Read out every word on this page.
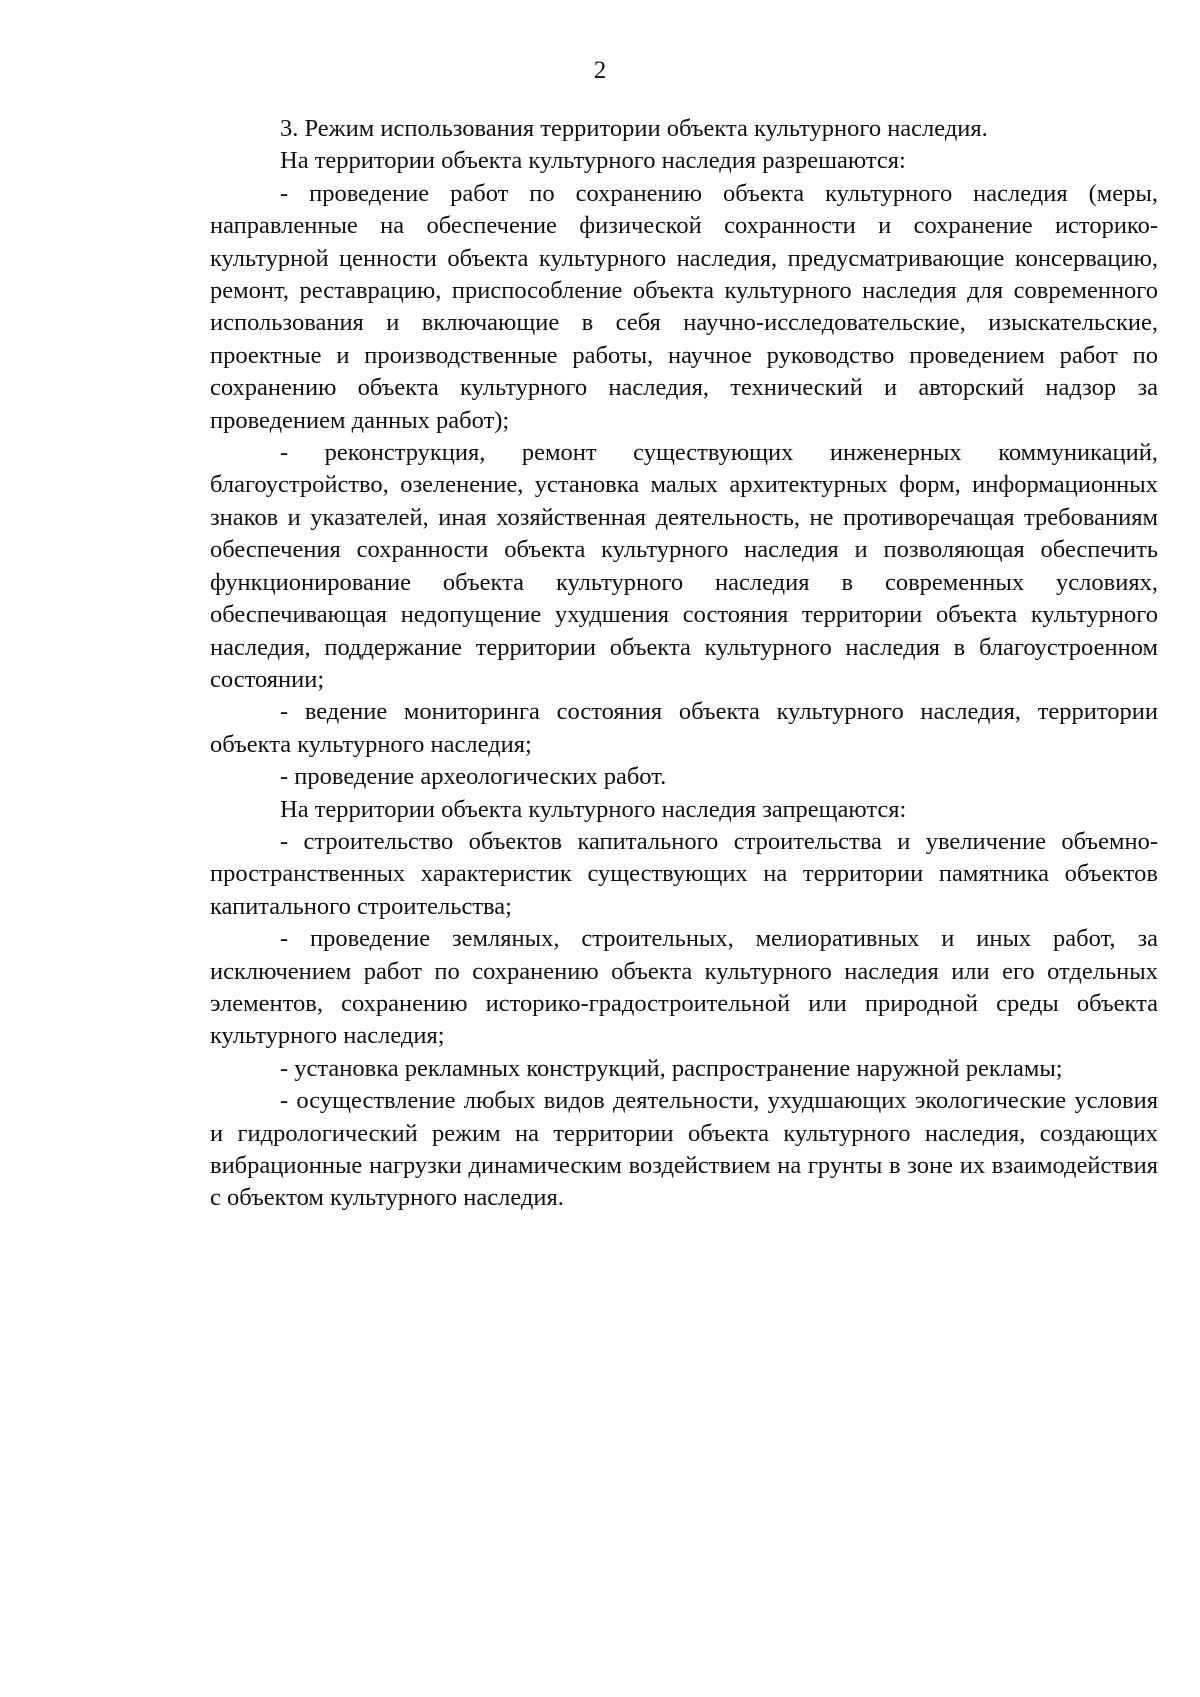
2

3. Режим использования территории объекта культурного наследия.

На территории объекта культурного наследия разрешаются:

- проведение работ по сохранению объекта культурного наследия (меры, направленные на обеспечение физической сохранности и сохранение историко-культурной ценности объекта культурного наследия, предусматривающие консервацию, ремонт, реставрацию, приспособление объекта культурного наследия для современного использования и включающие в себя научно-исследовательские, изыскательские, проектные и производственные работы, научное руководство проведением работ по сохранению объекта культурного наследия, технический и авторский надзор за проведением данных работ);

- реконструкция, ремонт существующих инженерных коммуникаций, благоустройство, озеленение, установка малых архитектурных форм, информационных знаков и указателей, иная хозяйственная деятельность, не противоречащая требованиям обеспечения сохранности объекта культурного наследия и позволяющая обеспечить функционирование объекта культурного наследия в современных условиях, обеспечивающая недопущение ухудшения состояния территории объекта культурного наследия, поддержание территории объекта культурного наследия в благоустроенном состоянии;

- ведение мониторинга состояния объекта культурного наследия, территории объекта культурного наследия;

- проведение археологических работ.

На территории объекта культурного наследия запрещаются:

- строительство объектов капитального строительства и увеличение объемно-пространственных характеристик существующих на территории памятника объектов капитального строительства;

- проведение земляных, строительных, мелиоративных и иных работ, за исключением работ по сохранению объекта культурного наследия или его отдельных элементов, сохранению историко-градостроительной или природной среды объекта культурного наследия;

- установка рекламных конструкций, распространение наружной рекламы;

- осуществление любых видов деятельности, ухудшающих экологические условия и гидрологический режим на территории объекта культурного наследия, создающих вибрационные нагрузки динамическим воздействием на грунты в зоне их взаимодействия с объектом культурного наследия.
